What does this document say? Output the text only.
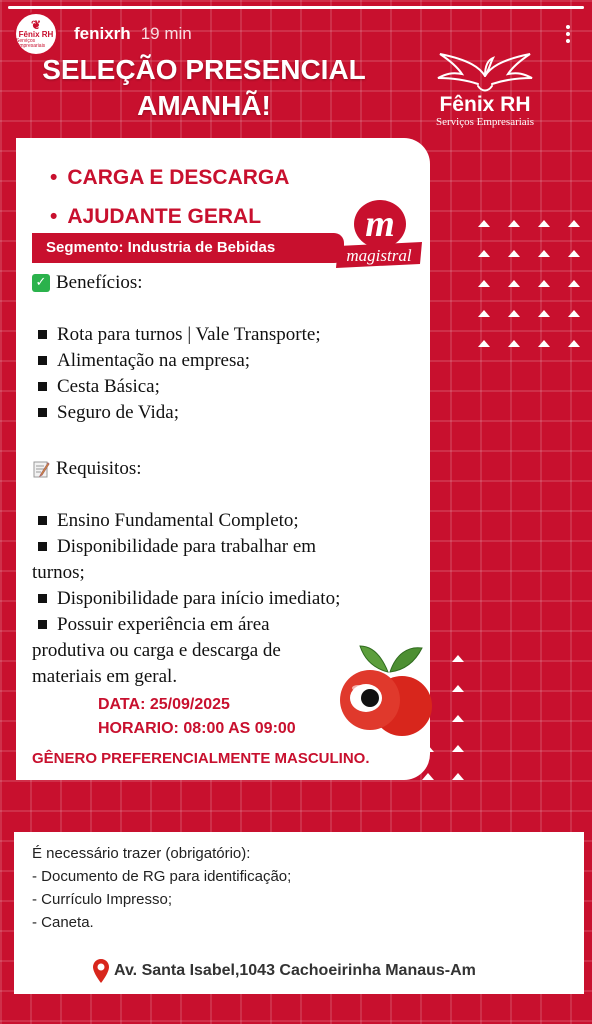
❦
Fênix RH
Serviços Empresariais
fenixrh 19 min
SELEÇÃO PRESENCIAL
AMANHÃ!	Fênix RH
Serviços Empresariais
• CARGA E DESCARGA
• AJUDANTE GERAL
Segmento: Industria de Bebidas
m
magistral
✓ Benefícios:
Rota para turnos | Vale Transporte;
Alimentação na empresa;
Cesta Básica;
Seguro de Vida;
Requisitos:
Ensino Fundamental Completo;
Disponibilidade para trabalhar em
turnos;
Disponibilidade para início imediato;
Possuir experiência em área
produtiva ou carga e descarga de
materiais em geral.
DATA: 25/09/2025
HORARIO: 08:00 AS 09:00
GÊNERO PREFERENCIALMENTE MASCULINO.
É necessário trazer (obrigatório):
- Documento de RG para identificação;
- Currículo Impresso;
- Caneta.
Av. Santa Isabel,1043 Cachoeirinha Manaus-Am
